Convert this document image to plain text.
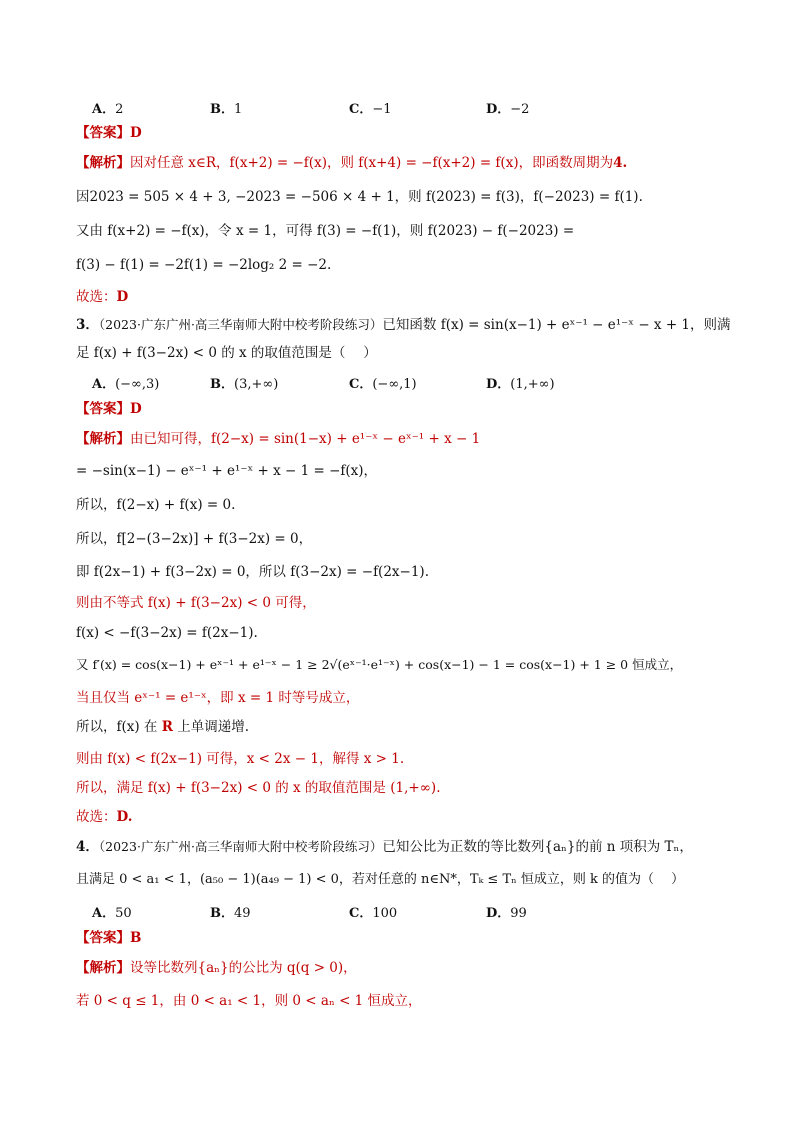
A．2	B．1	C．−1	D．−2
【答案】D
【解析】因对任意 x∈R，f(x+2) = −f(x)，则 f(x+4) = −f(x+2) = f(x)，即函数周期为4.
因2023 = 505 × 4 + 3, −2023 = −506 × 4 + 1，则 f(2023) = f(3)，f(−2023) = f(1).
又由 f(x+2) = −f(x)，令 x = 1，可得 f(3) = −f(1)，则 f(2023) − f(−2023) =
f(3) − f(1) = −2f(1) = −2log₂ 2 = −2.
故选：D
3．（2023·广东广州·高三华南师大附中校考阶段练习）已知函数 f(x) = sin(x−1) + eˣ⁻¹ − e¹⁻ˣ − x + 1，则满
足 f(x) + f(3−2x) < 0 的 x 的取值范围是（　 ）
A．(−∞,3)	B．(3,+∞)	C．(−∞,1)	D．(1,+∞)
【答案】D
【解析】由已知可得，f(2−x) = sin(1−x) + e¹⁻ˣ − eˣ⁻¹ + x − 1
= −sin(x−1) − eˣ⁻¹ + e¹⁻ˣ + x − 1 = −f(x)，
所以，f(2−x) + f(x) = 0.
所以，f[2−(3−2x)] + f(3−2x) = 0，
即 f(2x−1) + f(3−2x) = 0，所以 f(3−2x) = −f(2x−1).
则由不等式 f(x) + f(3−2x) < 0 可得，
f(x) < −f(3−2x) = f(2x−1).
又 f′(x) = cos(x−1) + eˣ⁻¹ + e¹⁻ˣ − 1 ≥ 2√(eˣ⁻¹·e¹⁻ˣ) + cos(x−1) − 1 = cos(x−1) + 1 ≥ 0 恒成立，
当且仅当 eˣ⁻¹ = e¹⁻ˣ，即 x = 1 时等号成立，
所以，f(x) 在 R 上单调递增.
则由 f(x) < f(2x−1) 可得，x < 2x − 1，解得 x > 1.
所以，满足 f(x) + f(3−2x) < 0 的 x 的取值范围是 (1,+∞).
故选：D.
4．（2023·广东广州·高三华南师大附中校考阶段练习）已知公比为正数的等比数列{aₙ}的前 n 项积为 Tₙ，
且满足 0 < a₁ < 1，(a₅₀ − 1)(a₄₉ − 1) < 0，若对任意的 n∈N*，Tₖ ≤ Tₙ 恒成立，则 k 的值为（　 ）
A．50	B．49	C．100	D．99
【答案】B
【解析】设等比数列{aₙ}的公比为 q(q > 0)，
若 0 < q ≤ 1，由 0 < a₁ < 1，则 0 < aₙ < 1 恒成立，
